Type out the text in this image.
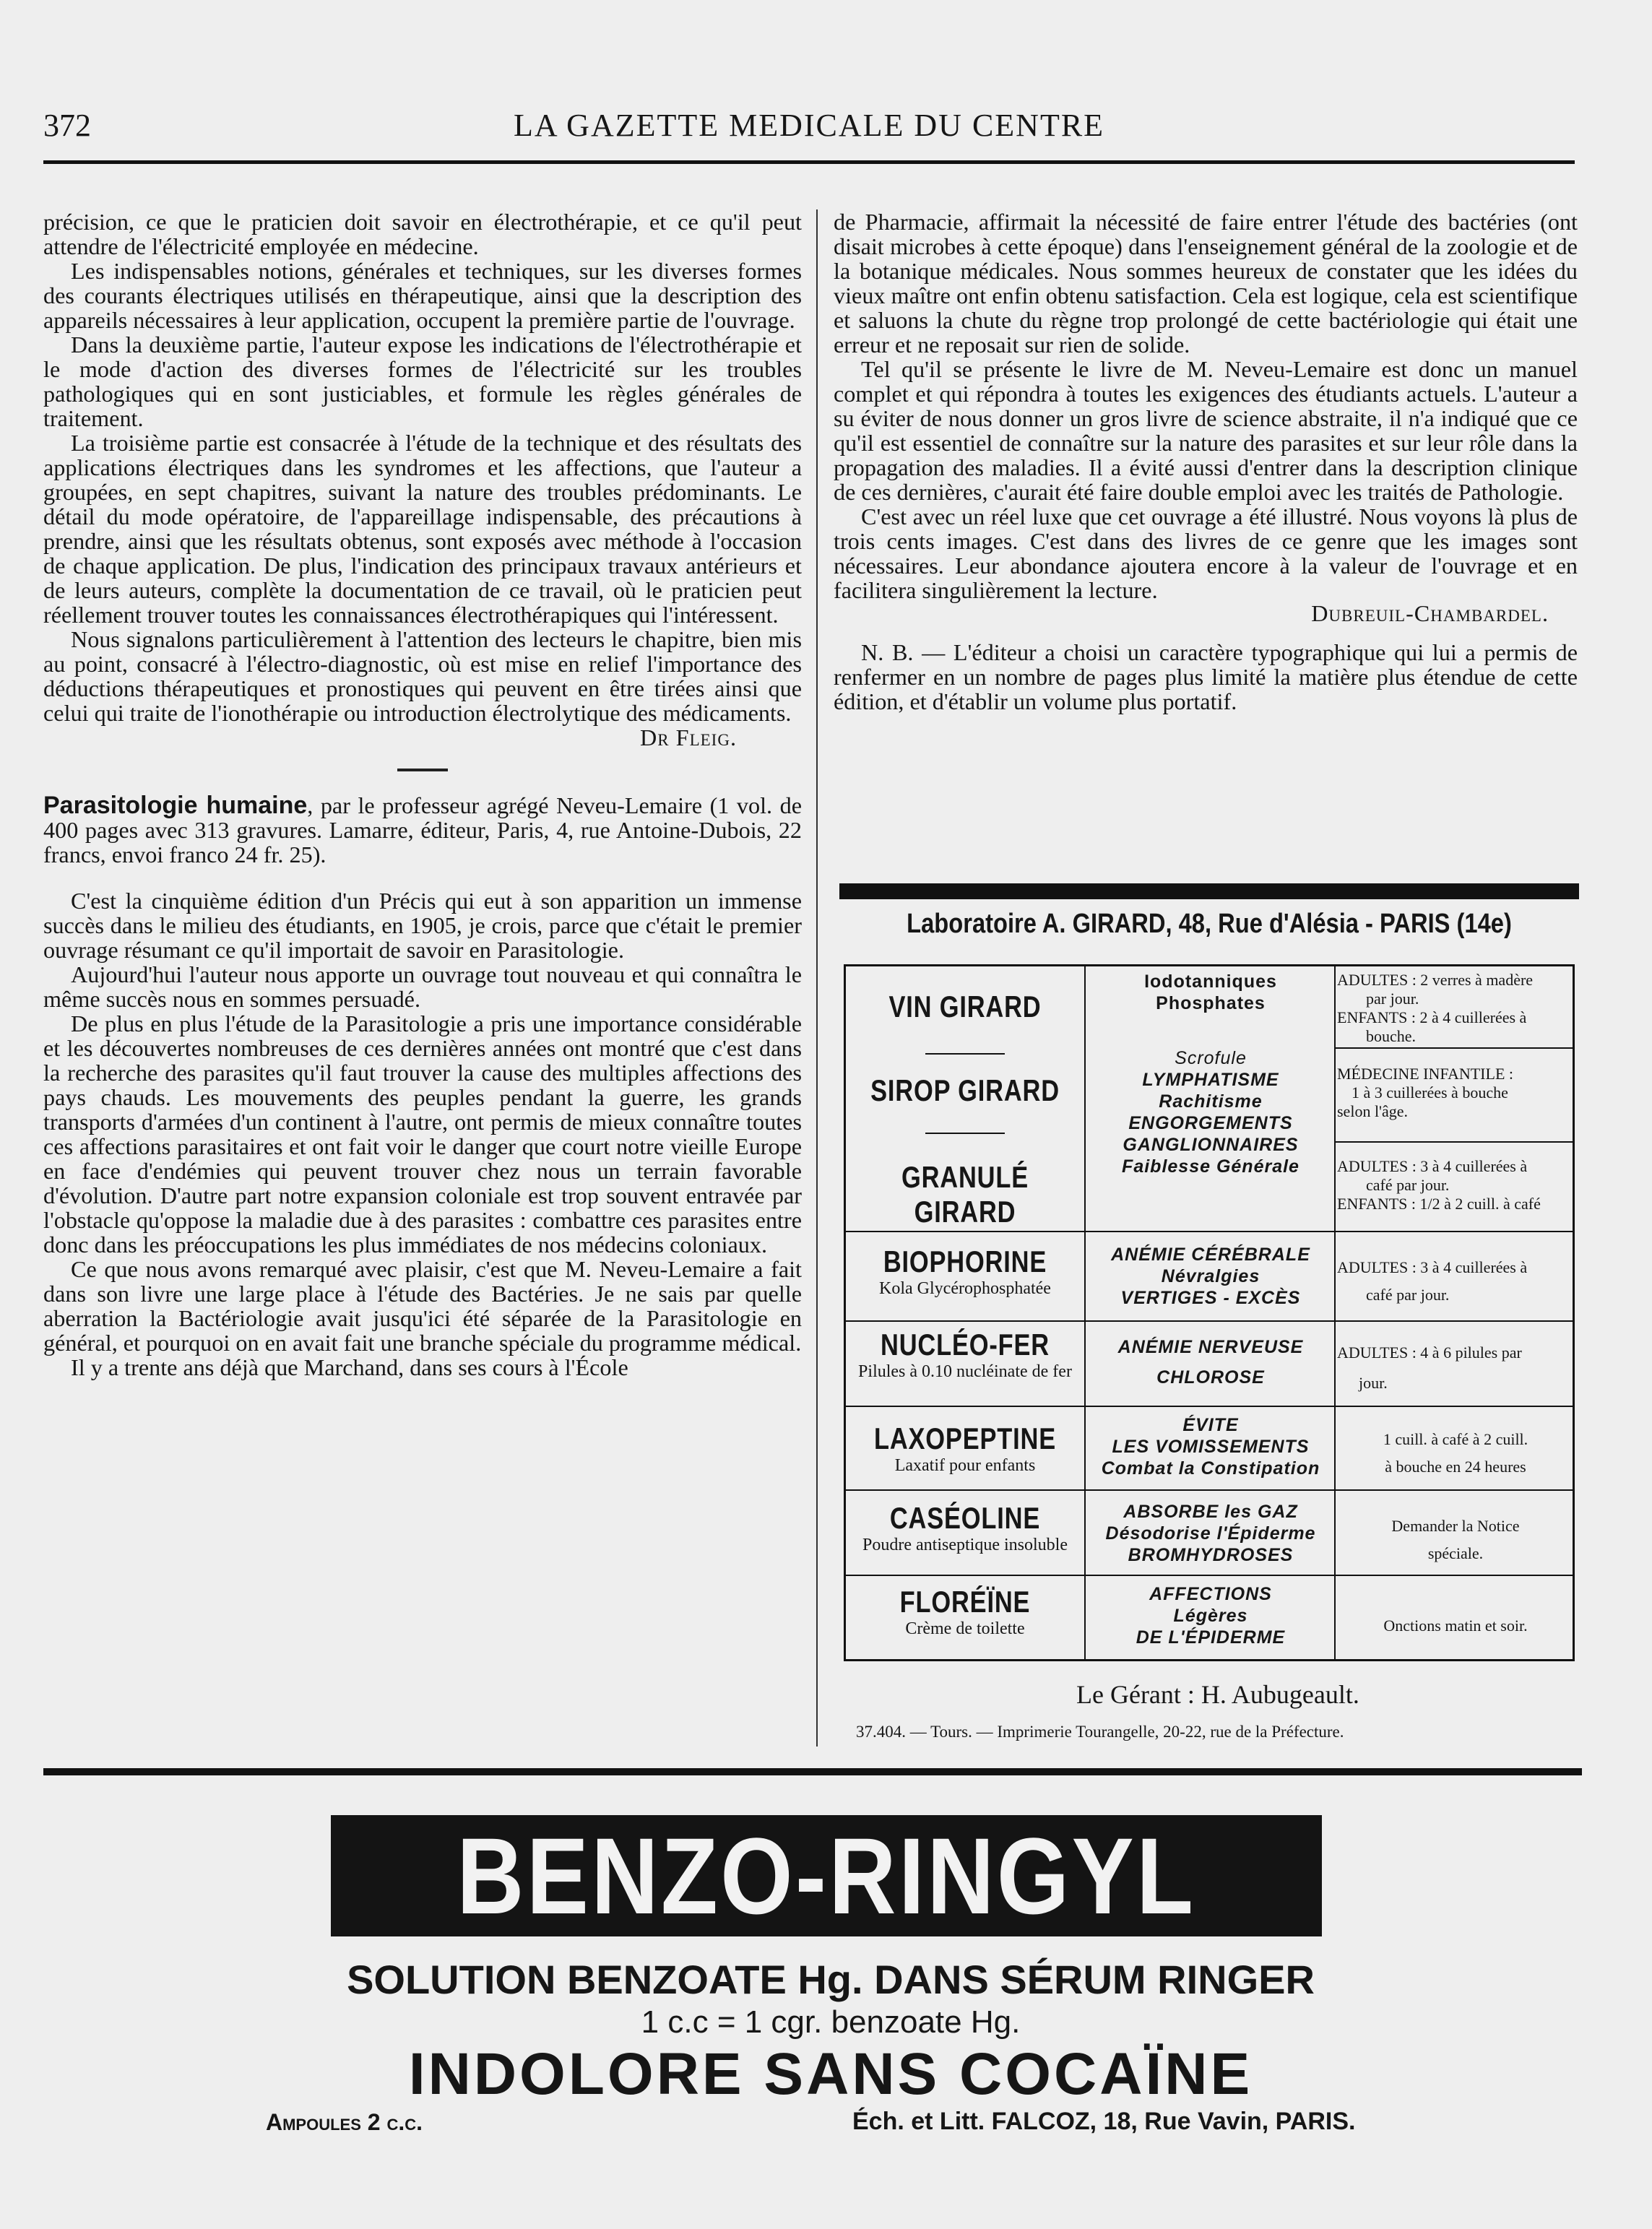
372	LA GAZETTE MEDICALE DU CENTRE

précision, ce que le praticien doit savoir en électrothérapie, et ce qu'il peut attendre de l'électricité employée en médecine.

Les indispensables notions, générales et techniques, sur les diverses formes des courants électriques utilisés en thérapeutique, ainsi que la description des appareils nécessaires à leur application, occupent la première partie de l'ouvrage.

Dans la deuxième partie, l'auteur expose les indications de l'électrothérapie et le mode d'action des diverses formes de l'électricité sur les troubles pathologiques qui en sont justiciables, et formule les règles générales de traitement.

La troisième partie est consacrée à l'étude de la technique et des résultats des applications électriques dans les syndromes et les affections, que l'auteur a groupées, en sept chapitres, suivant la nature des troubles prédominants. Le détail du mode opératoire, de l'appareillage indispensable, des précautions à prendre, ainsi que les résultats obtenus, sont exposés avec méthode à l'occasion de chaque application. De plus, l'indication des principaux travaux antérieurs et de leurs auteurs, complète la documentation de ce travail, où le praticien peut réellement trouver toutes les connaissances électrothérapiques qui l'intéressent.

Nous signalons particulièrement à l'attention des lecteurs le chapitre, bien mis au point, consacré à l'électro-diagnostic, où est mise en relief l'importance des déductions thérapeutiques et pronostiques qui peuvent en être tirées ainsi que celui qui traite de l'ionothérapie ou introduction électrolytique des médicaments.

Dr Fleig.

Parasitologie humaine, par le professeur agrégé Neveu-Lemaire (1 vol. de 400 pages avec 313 gravures. Lamarre, éditeur, Paris, 4, rue Antoine-Dubois, 22 francs, envoi franco 24 fr. 25).

C'est la cinquième édition d'un Précis qui eut à son apparition un immense succès dans le milieu des étudiants, en 1905, je crois, parce que c'était le premier ouvrage résumant ce qu'il importait de savoir en Parasitologie.

Aujourd'hui l'auteur nous apporte un ouvrage tout nouveau et qui connaîtra le même succès nous en sommes persuadé.

De plus en plus l'étude de la Parasitologie a pris une importance considérable et les découvertes nombreuses de ces dernières années ont montré que c'est dans la recherche des parasites qu'il faut trouver la cause des multiples affections des pays chauds. Les mouvements des peuples pendant la guerre, les grands transports d'armées d'un continent à l'autre, ont permis de mieux connaître toutes ces affections parasitaires et ont fait voir le danger que court notre vieille Europe en face d'endémies qui peuvent trouver chez nous un terrain favorable d'évolution. D'autre part notre expansion coloniale est trop souvent entravée par l'obstacle qu'oppose la maladie due à des parasites : combattre ces parasites entre donc dans les préoccupations les plus immédiates de nos médecins coloniaux.

Ce que nous avons remarqué avec plaisir, c'est que M. Neveu-Lemaire a fait dans son livre une large place à l'étude des Bactéries. Je ne sais par quelle aberration la Bactériologie avait jusqu'ici été séparée de la Parasitologie en général, et pourquoi on en avait fait une branche spéciale du programme médical.

Il y a trente ans déjà que Marchand, dans ses cours à l'École

de Pharmacie, affirmait la nécessité de faire entrer l'étude des bactéries (ont disait microbes à cette époque) dans l'enseignement général de la zoologie et de la botanique médicales. Nous sommes heureux de constater que les idées du vieux maître ont enfin obtenu satisfaction. Cela est logique, cela est scientifique et saluons la chute du règne trop prolongé de cette bactériologie qui était une erreur et ne reposait sur rien de solide.

Tel qu'il se présente le livre de M. Neveu-Lemaire est donc un manuel complet et qui répondra à toutes les exigences des étudiants actuels. L'auteur a su éviter de nous donner un gros livre de science abstraite, il n'a indiqué que ce qu'il est essentiel de connaître sur la nature des parasites et sur leur rôle dans la propagation des maladies. Il a évité aussi d'entrer dans la description clinique de ces dernières, c'aurait été faire double emploi avec les traités de Pathologie.

C'est avec un réel luxe que cet ouvrage a été illustré. Nous voyons là plus de trois cents images. C'est dans des livres de ce genre que les images sont nécessaires. Leur abondance ajoutera encore à la valeur de l'ouvrage et en facilitera singulièrement la lecture.

Dubreuil-Chambardel.

N. B. — L'éditeur a choisi un caractère typographique qui lui a permis de renfermer en un nombre de pages plus limité la matière plus étendue de cette édition, et d'établir un volume plus portatif.

Laboratoire A. GIRARD, 48, Rue d'Alésia - PARIS (14e)
VIN GIRARD
SIROP GIRARD
GRANULÉ GIRARD
BIOPHORINE
Kola Glycérophosphatée
NUCLÉO-FER
Pilules à 0.10 nucléinate de fer
LAXOPEPTINE
Laxatif pour enfants
CASÉOLINE
Poudre antiseptique insoluble
FLORÉÏNE
Crème de toilette
Iodotanniques
Phosphates
Scrofule
LYMPHATISME
Rachitisme
ENGORGEMENTS
GANGLIONNAIRES
Faiblesse Générale
ANÉMIE CÉRÉBRALE
Névralgies
VERTIGES - EXCÈS
ANÉMIE NERVEUSE
CHLOROSE
ÉVITE
LES VOMISSEMENTS
Combat la Constipation
ABSORBE les GAZ
Désodorise l'Épiderme
BROMHYDROSES
AFFECTIONS
Légères
DE L'ÉPIDERME
ADULTES : 2 verres à madère
par jour.
ENFANTS : 2 à 4 cuillerées à
bouche.
MÉDECINE INFANTILE :
1 à 3 cuillerées à bouche
selon l'âge.
ADULTES : 3 à 4 cuillerées à
café par jour.
ENFANTS : 1/2 à 2 cuill. à café
ADULTES : 3 à 4 cuillerées à
café par jour.
ADULTES : 4 à 6 pilules par
jour.
1 cuill. à café à 2 cuill.
à bouche en 24 heures
Demander la Notice
spéciale.
Onctions matin et soir.
Le Gérant : H. Aubugeault.
37.404. — Tours. — Imprimerie Tourangelle, 20-22, rue de la Préfecture.
BENZO-RINGYL
SOLUTION BENZOATE Hg. DANS SÉRUM RINGER
1 c.c = 1 cgr. benzoate Hg.
INDOLORE SANS COCAÏNE
Ampoules 2 c.c.	Éch. et Litt. FALCOZ, 18, Rue Vavin, PARIS.
